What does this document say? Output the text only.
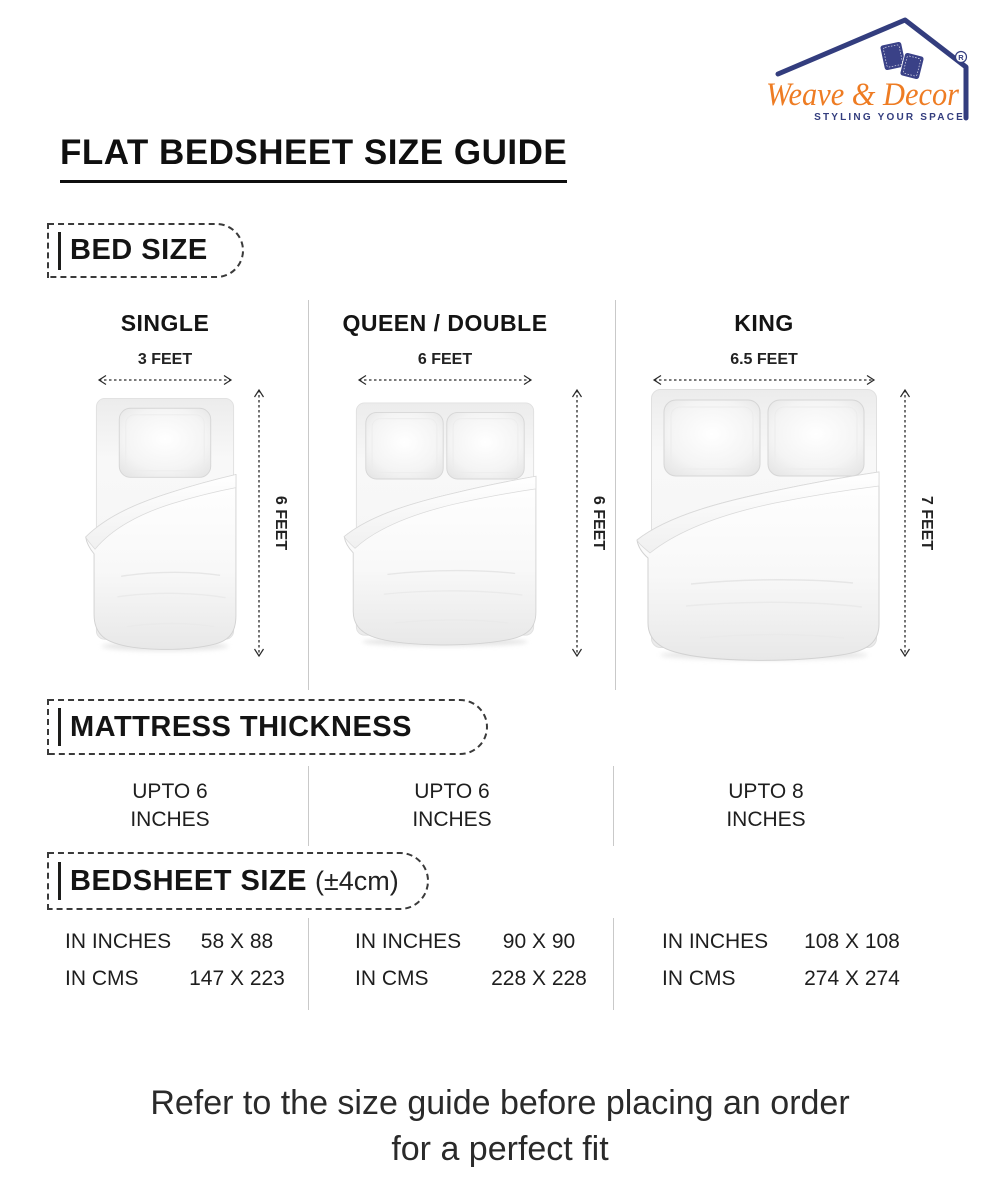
R
Weave & Decor
STYLING YOUR SPACE
FLAT BEDSHEET SIZE GUIDE
BED SIZE
SINGLE
3 FEET
QUEEN / DOUBLE
6 FEET
KING
6.5 FEET
6 FEET	6 FEET	7 FEET
MATTRESS THICKNESS
UPTO 6
INCHES
UPTO 6
INCHES
UPTO 8
INCHES
BEDSHEET SIZE (±4cm)
IN INCHES	58 X 88
IN CMS	147 X 223
IN INCHES	90 X 90
IN CMS	228 X 228
IN INCHES	108 X 108
IN CMS	274 X 274
Refer to the size guide before placing an order
for a perfect fit
